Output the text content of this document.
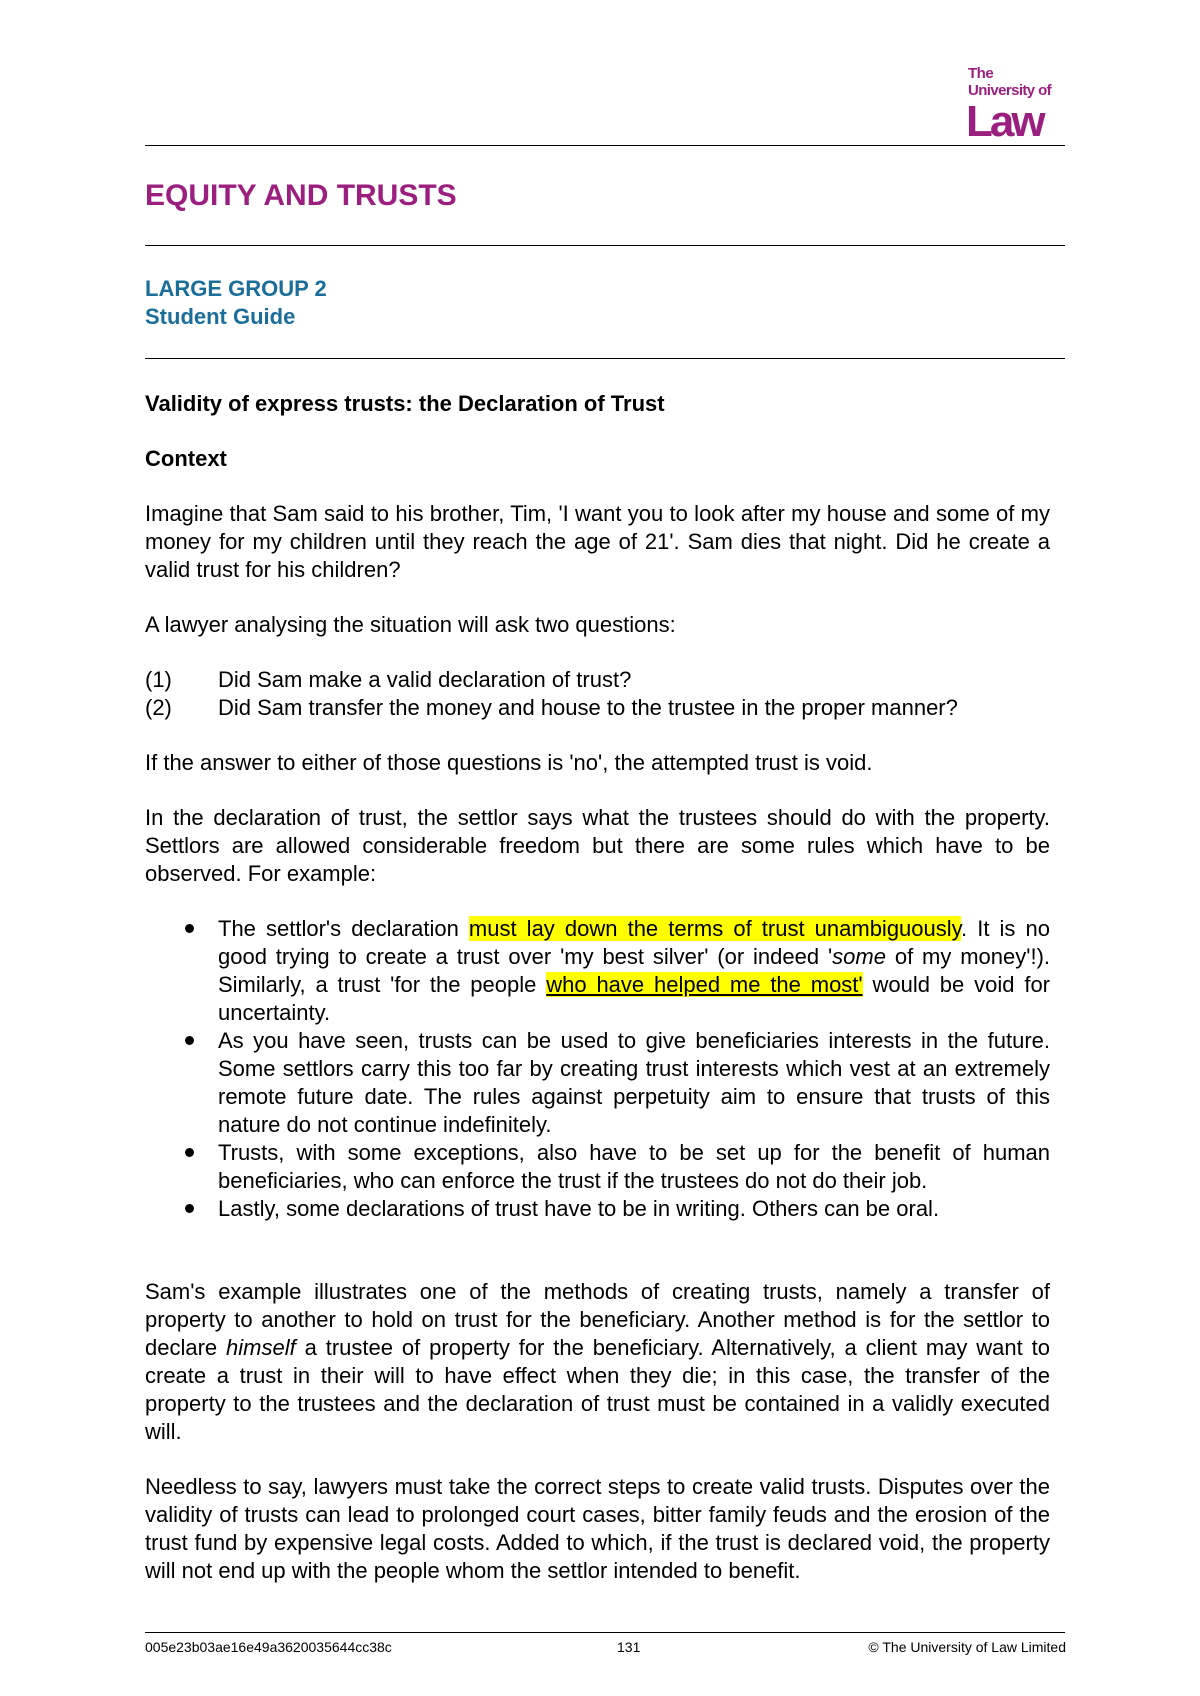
The
University of
Law
EQUITY AND TRUSTS
LARGE GROUP 2
Student Guide
Validity of express trusts: the Declaration of Trust
Context

Imagine that Sam said to his brother, Tim, 'I want you to look after my house and some of my money for my children until they reach the age of 21'. Sam dies that night. Did he create a valid trust for his children?

A lawyer analysing the situation will ask two questions:

(1)	Did Sam make a valid declaration of trust?
(2)	Did Sam transfer the money and house to the trustee in the proper manner?

If the answer to either of those questions is 'no', the attempted trust is void.

In the declaration of trust, the settlor says what the trustees should do with the property. Settlors are allowed considerable freedom but there are some rules which have to be observed. For example:

The settlor's declaration must lay down the terms of trust unambiguously. It is no good trying to create a trust over 'my best silver' (or indeed 'some of my money'!). Similarly, a trust 'for the people who have helped me the most' would be void for uncertainty.
As you have seen, trusts can be used to give beneficiaries interests in the future. Some settlors carry this too far by creating trust interests which vest at an extremely remote future date. The rules against perpetuity aim to ensure that trusts of this nature do not continue indefinitely.
Trusts, with some exceptions, also have to be set up for the benefit of human beneficiaries, who can enforce the trust if the trustees do not do their job.
Lastly, some declarations of trust have to be in writing. Others can be oral.

Sam's example illustrates one of the methods of creating trusts, namely a transfer of property to another to hold on trust for the beneficiary. Another method is for the settlor to declare himself a trustee of property for the beneficiary. Alternatively, a client may want to create a trust in their will to have effect when they die; in this case, the transfer of the property to the trustees and the declaration of trust must be contained in a validly executed will.

Needless to say, lawyers must take the correct steps to create valid trusts. Disputes over the validity of trusts can lead to prolonged court cases, bitter family feuds and the erosion of the trust fund by expensive legal costs. Added to which, if the trust is declared void, the property will not end up with the people whom the settlor intended to benefit.

005e23b03ae16e49a3620035644cc38c	131	© The University of Law Limited
